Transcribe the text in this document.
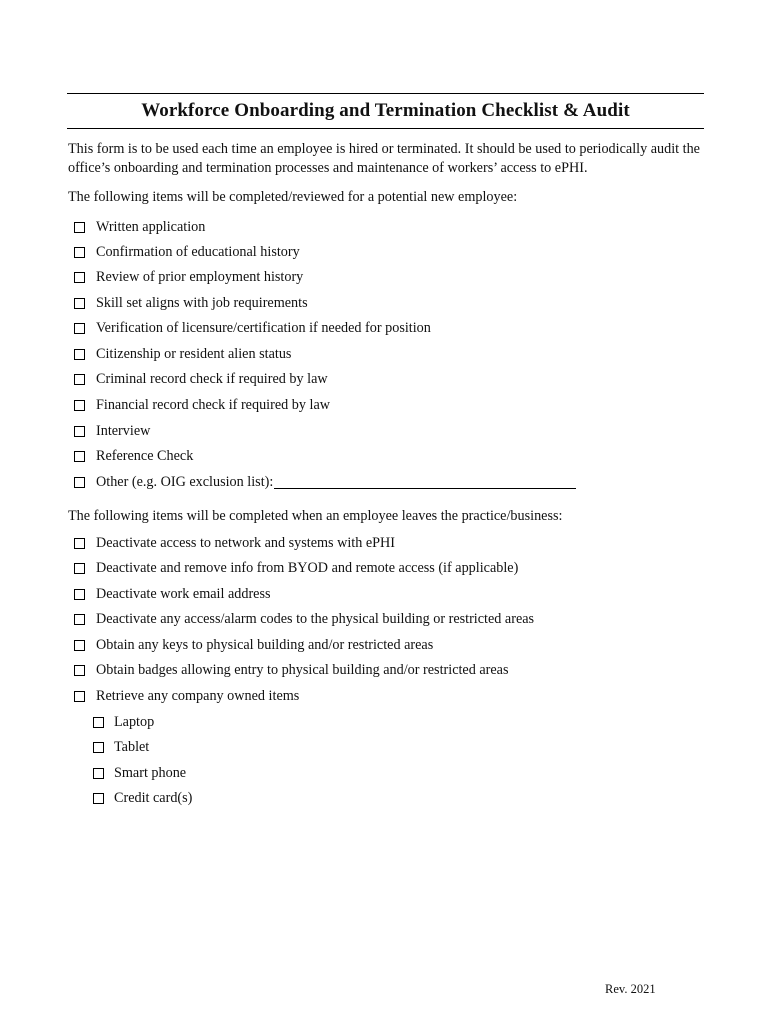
Workforce Onboarding and Termination Checklist & Audit
This form is to be used each time an employee is hired or terminated. It should be used to periodically audit the office’s onboarding and termination processes and maintenance of workers’ access to ePHI.
The following items will be completed/reviewed for a potential new employee:
Written application
Confirmation of educational history
Review of prior employment history
Skill set aligns with job requirements
Verification of licensure/certification if needed for position
Citizenship or resident alien status
Criminal record check if required by law
Financial record check if required by law
Interview
Reference Check
Other (e.g. OIG exclusion list):
The following items will be completed when an employee leaves the practice/business:
Deactivate access to network and systems with ePHI
Deactivate and remove info from BYOD and remote access (if applicable)
Deactivate work email address
Deactivate any access/alarm codes to the physical building or restricted areas
Obtain any keys to physical building and/or restricted areas
Obtain badges allowing entry to physical building and/or restricted areas
Retrieve any company owned items
Laptop
Tablet
Smart phone
Credit card(s)
Rev. 2021
